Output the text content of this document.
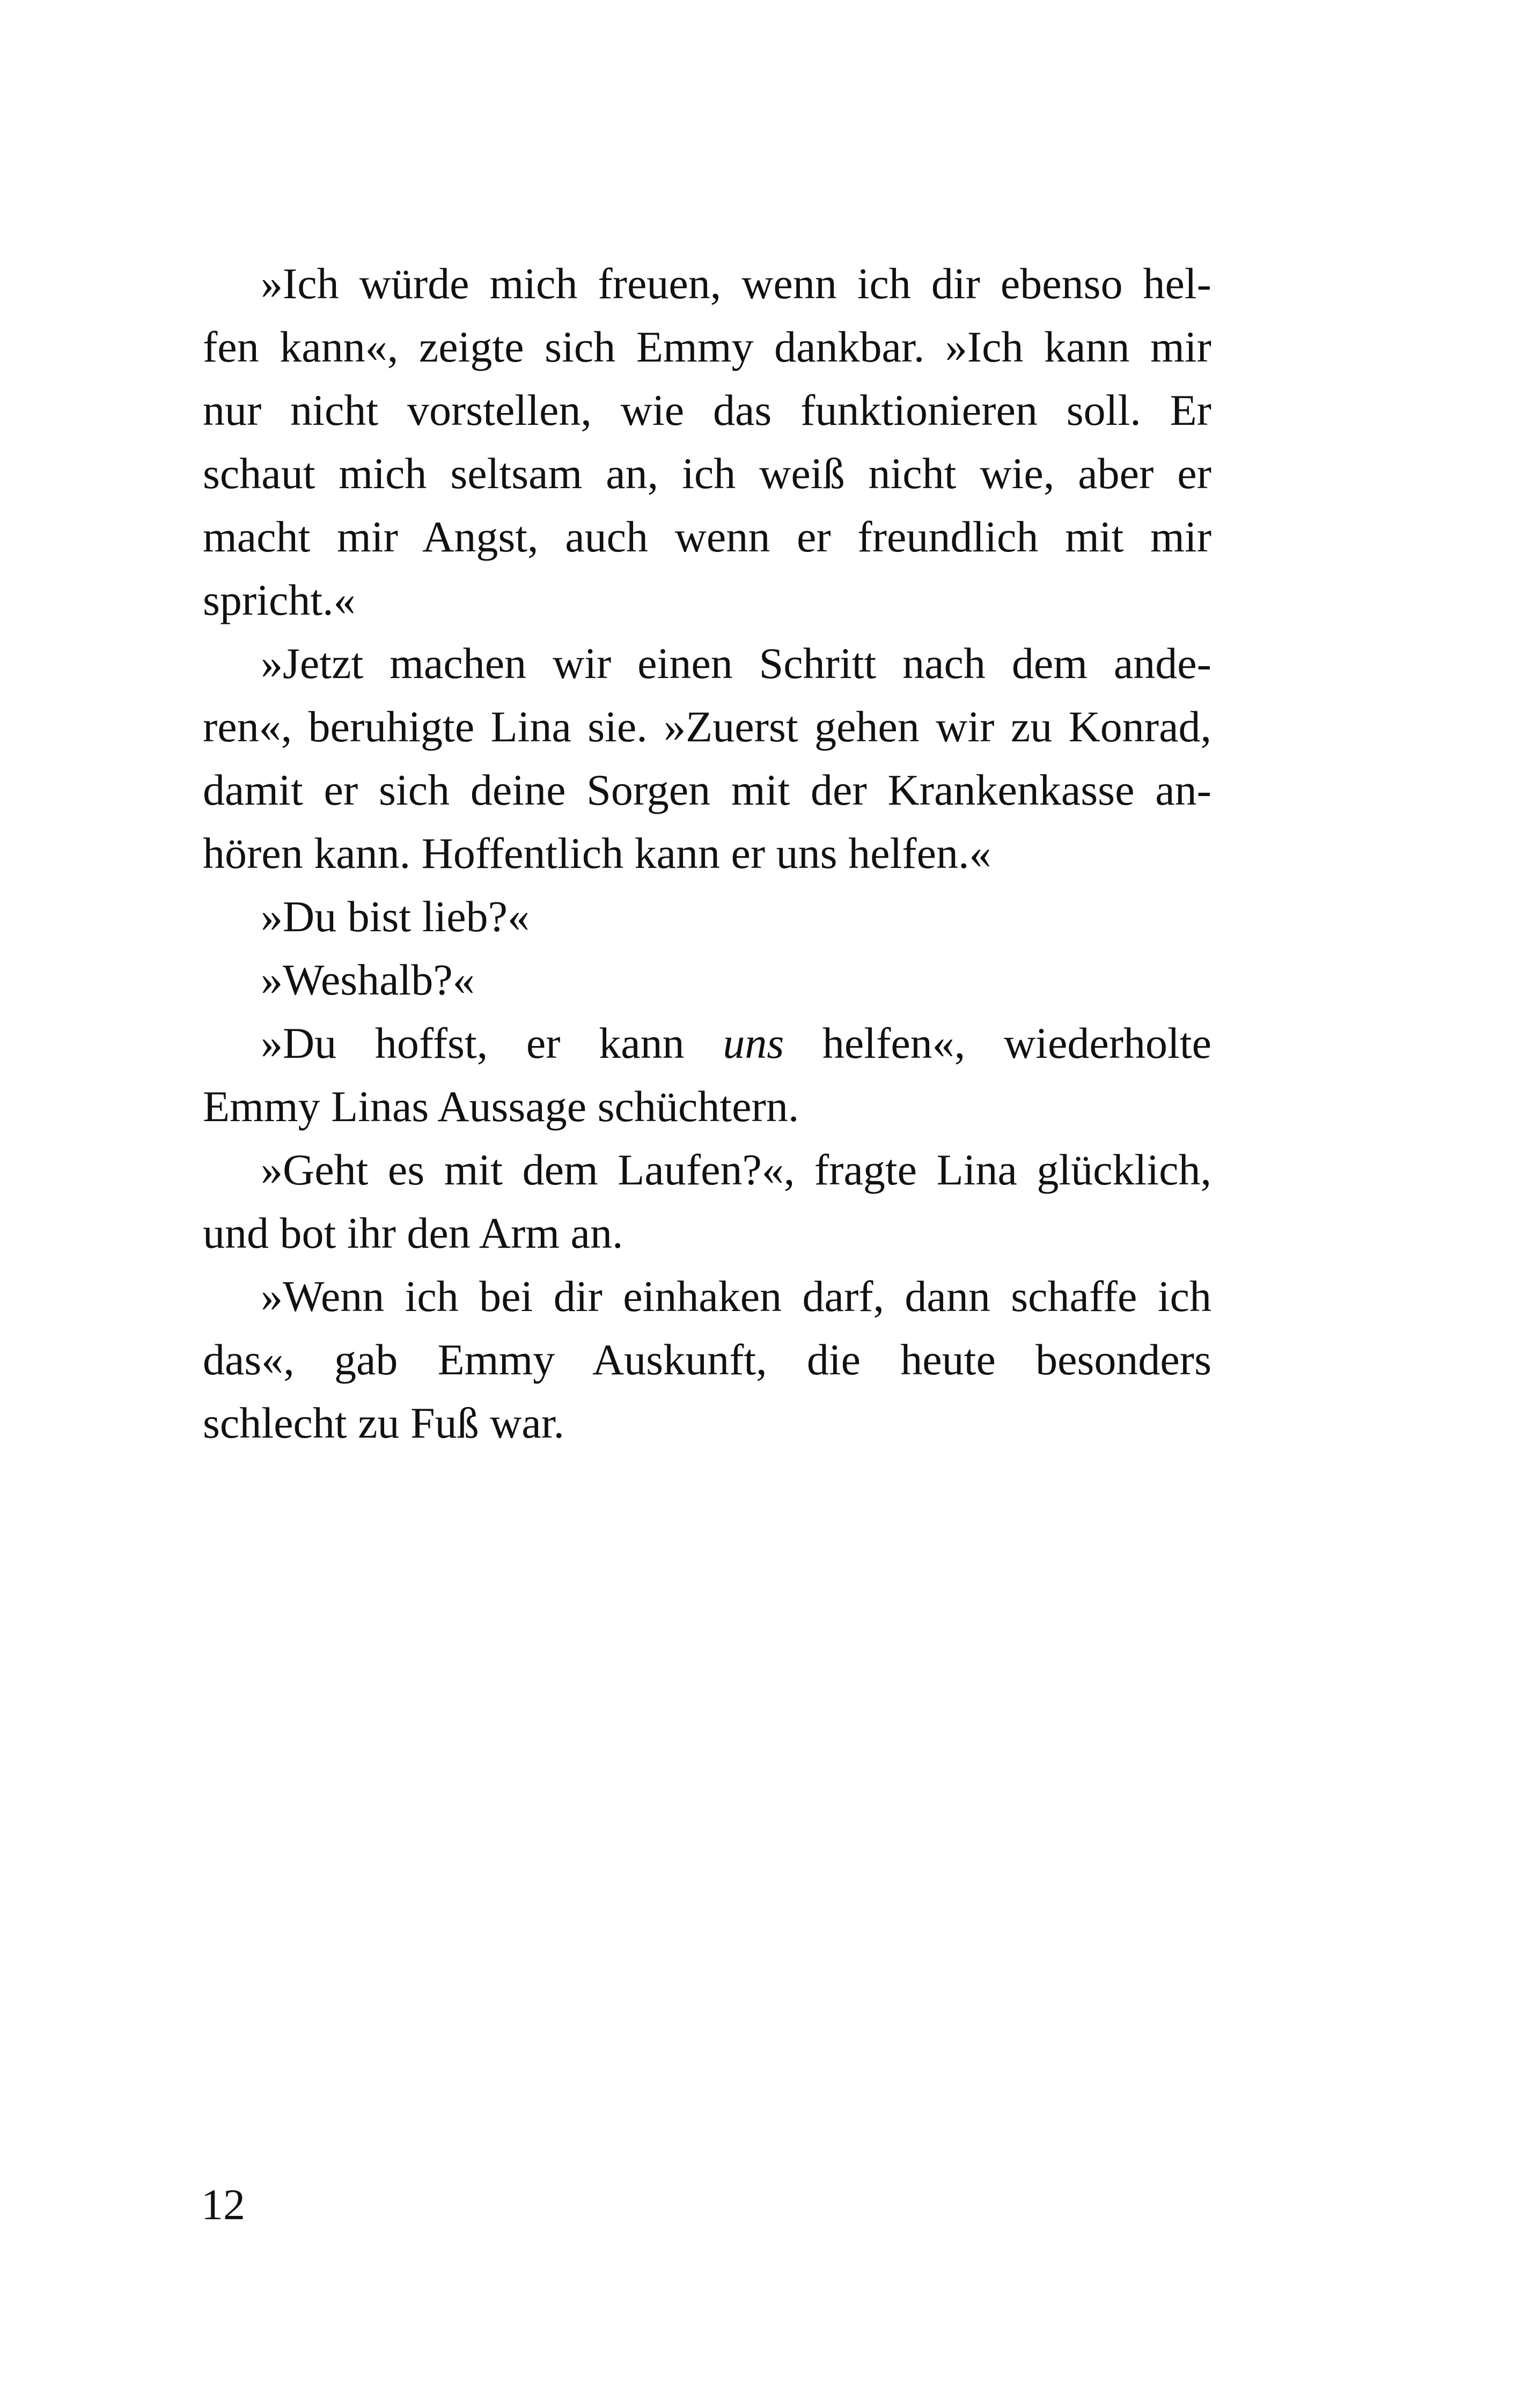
»Ich würde mich freuen, wenn ich dir ebenso hel-
fen kann«, zeigte sich Emmy dankbar. »Ich kann mir
nur nicht vorstellen, wie das funktionieren soll. Er
schaut mich seltsam an, ich weiß nicht wie, aber er
macht mir Angst, auch wenn er freundlich mit mir
spricht.«
»Jetzt machen wir einen Schritt nach dem ande-
ren«, beruhigte Lina sie. »Zuerst gehen wir zu Konrad,
damit er sich deine Sorgen mit der Krankenkasse an-
hören kann. Hoffentlich kann er uns helfen.«
»Du bist lieb?«
»Weshalb?«
»Du hoffst, er kann uns helfen«, wiederholte
Emmy Linas Aussage schüchtern.
»Geht es mit dem Laufen?«, fragte Lina glücklich,
und bot ihr den Arm an.
»Wenn ich bei dir einhaken darf, dann schaffe ich
das«, gab Emmy Auskunft, die heute besonders
schlecht zu Fuß war.
12
